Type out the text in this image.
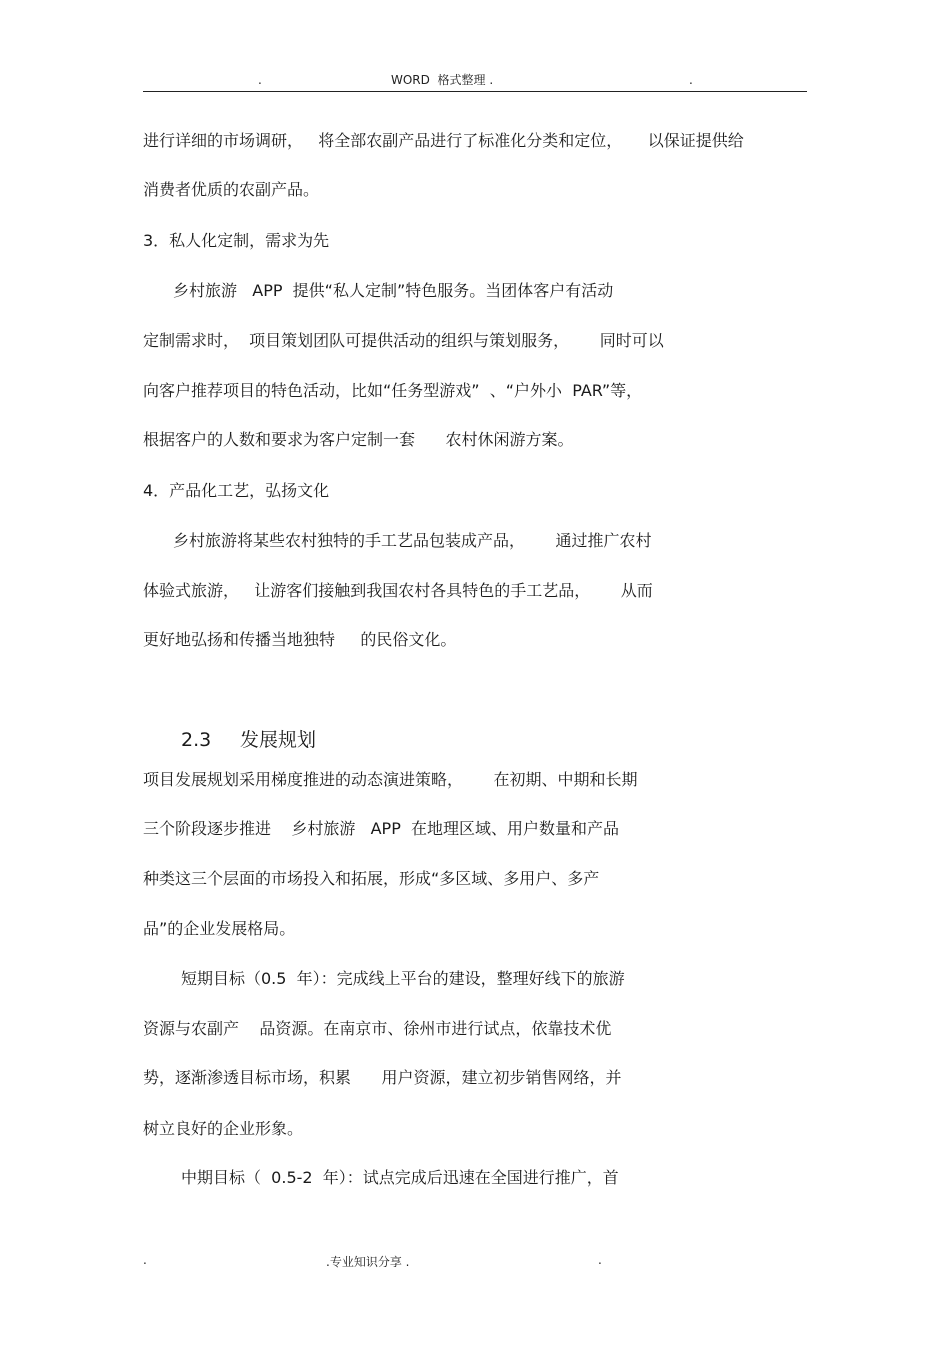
.	WORD  格式整理 .	.
进行详细的市场调研，   将全部农副产品进行了标准化分类和定位，     以保证提供给
消费者优质的农副产品。
3．私人化定制，需求为先
乡村旅游   APP  提供“私人定制”特色服务。当团体客户有活动
定制需求时，  项目策划团队可提供活动的组织与策划服务，      同时可以
向客户推荐项目的特色活动，比如“任务型游戏”  、“户外小  PAR”等，
根据客户的人数和要求为客户定制一套      农村休闲游方案。
4．产品化工艺，弘扬文化
乡村旅游将某些农村独特的手工艺品包装成产品，      通过推广农村
体验式旅游，   让游客们接触到我国农村各具特色的手工艺品，      从而
更好地弘扬和传播当地独特     的民俗文化。
2.3 发展规划
项目发展规划采用梯度推进的动态演进策略，      在初期、中期和长期
三个阶段逐步推进    乡村旅游   APP  在地理区域、用户数量和产品
种类这三个层面的市场投入和拓展，形成“多区域、多用户、多产
品”的企业发展格局。
短期目标（0.5  年）：完成线上平台的建设，整理好线下的旅游
资源与农副产    品资源。在南京市、徐州市进行试点，依靠技术优
势，逐渐渗透目标市场，积累      用户资源，建立初步销售网络，并
树立良好的企业形象。
中期目标（  0.5-2  年）：试点完成后迅速在全国进行推广，首
.	.专业知识分享 .	.
